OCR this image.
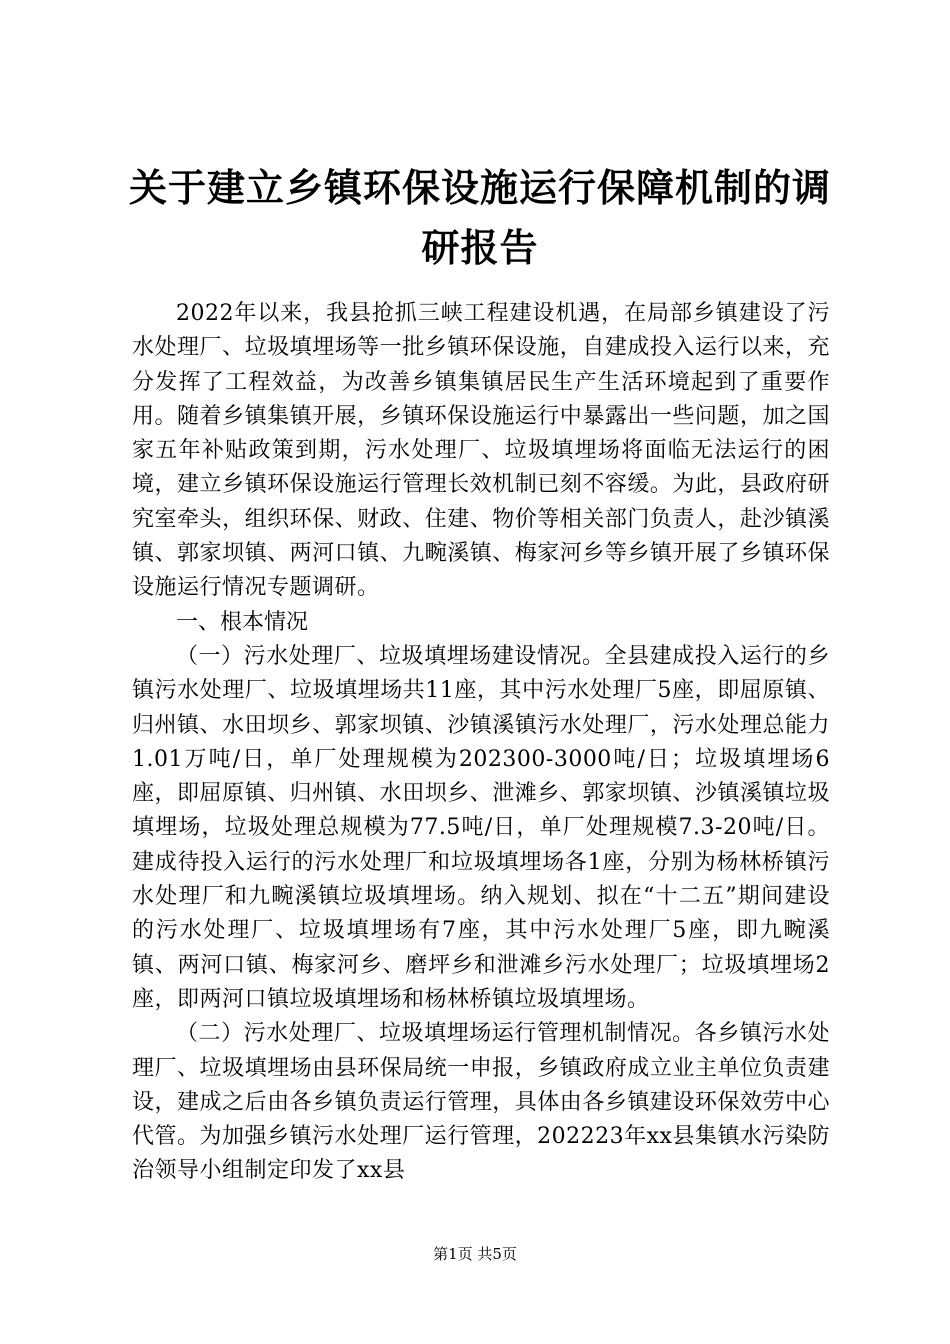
关于建立乡镇环保设施运行保障机制的调研报告

2022年以来，我县抢抓三峡工程建设机遇，在局部乡镇建设了污水处理厂、垃圾填埋场等一批乡镇环保设施，自建成投入运行以来，充分发挥了工程效益，为改善乡镇集镇居民生产生活环境起到了重要作用。随着乡镇集镇开展，乡镇环保设施运行中暴露出一些问题，加之国家五年补贴政策到期，污水处理厂、垃圾填埋场将面临无法运行的困境，建立乡镇环保设施运行管理长效机制已刻不容缓。为此，县政府研究室牵头，组织环保、财政、住建、物价等相关部门负责人，赴沙镇溪镇、郭家坝镇、两河口镇、九畹溪镇、梅家河乡等乡镇开展了乡镇环保设施运行情况专题调研。

一、根本情况

（一）污水处理厂、垃圾填埋场建设情况。全县建成投入运行的乡镇污水处理厂、垃圾填埋场共11座，其中污水处理厂5座，即屈原镇、归州镇、水田坝乡、郭家坝镇、沙镇溪镇污水处理厂，污水处理总能力1.01万吨/日，单厂处理规模为202300-3000吨/日；垃圾填埋场6座，即屈原镇、归州镇、水田坝乡、泄滩乡、郭家坝镇、沙镇溪镇垃圾填埋场，垃圾处理总规模为77.5吨/日，单厂处理规模7.3-20吨/日。建成待投入运行的污水处理厂和垃圾填埋场各1座，分别为杨林桥镇污水处理厂和九畹溪镇垃圾填埋场。纳入规划、拟在“十二五”期间建设的污水处理厂、垃圾填埋场有7座，其中污水处理厂5座，即九畹溪镇、两河口镇、梅家河乡、磨坪乡和泄滩乡污水处理厂；垃圾填埋场2座，即两河口镇垃圾填埋场和杨林桥镇垃圾填埋场。

（二）污水处理厂、垃圾填埋场运行管理机制情况。各乡镇污水处理厂、垃圾填埋场由县环保局统一申报，乡镇政府成立业主单位负责建设，建成之后由各乡镇负责运行管理，具体由各乡镇建设环保效劳中心代管。为加强乡镇污水处理厂运行管理，202223年xx县集镇水污染防治领导小组制定印发了xx县

第1页 共5页
